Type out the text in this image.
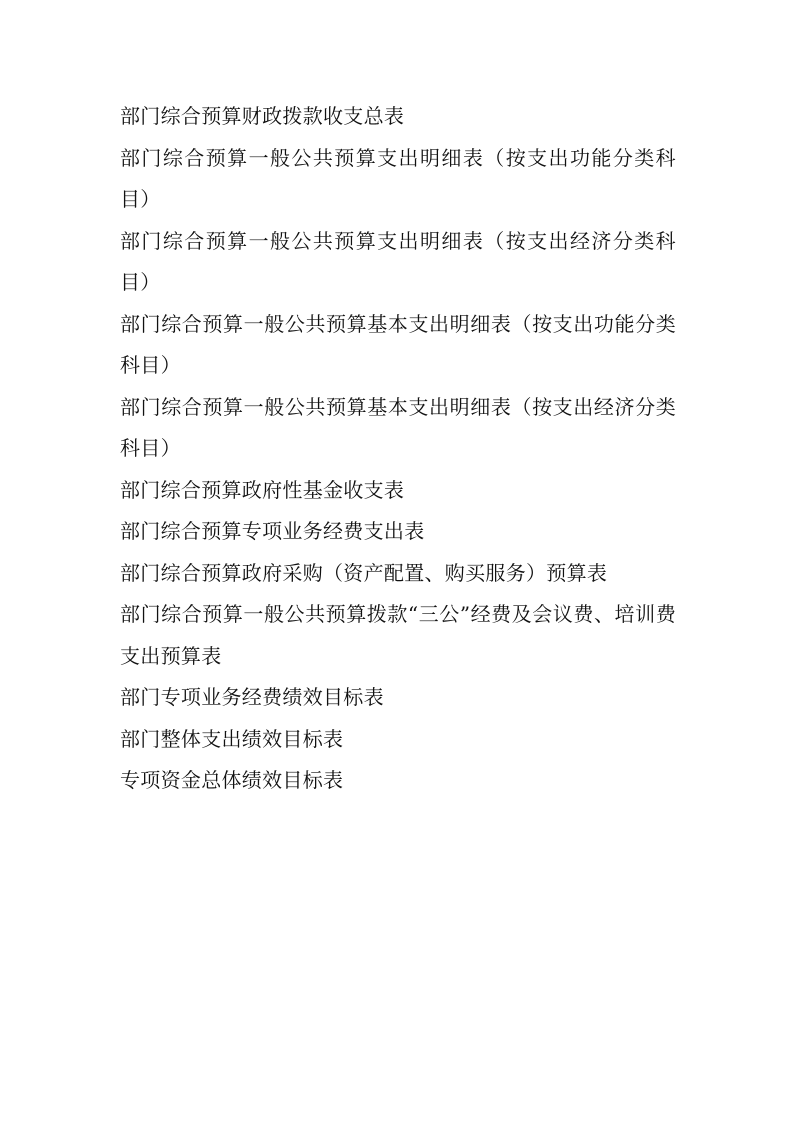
部门综合预算财政拨款收支总表
部门综合预算一般公共预算支出明细表（按支出功能分类科目）
部门综合预算一般公共预算支出明细表（按支出经济分类科目）
部门综合预算一般公共预算基本支出明细表（按支出功能分类科目）
部门综合预算一般公共预算基本支出明细表（按支出经济分类科目）
部门综合预算政府性基金收支表
部门综合预算专项业务经费支出表
部门综合预算政府采购（资产配置、购买服务）预算表
部门综合预算一般公共预算拨款“三公”经费及会议费、培训费支出预算表
部门专项业务经费绩效目标表
部门整体支出绩效目标表
专项资金总体绩效目标表
